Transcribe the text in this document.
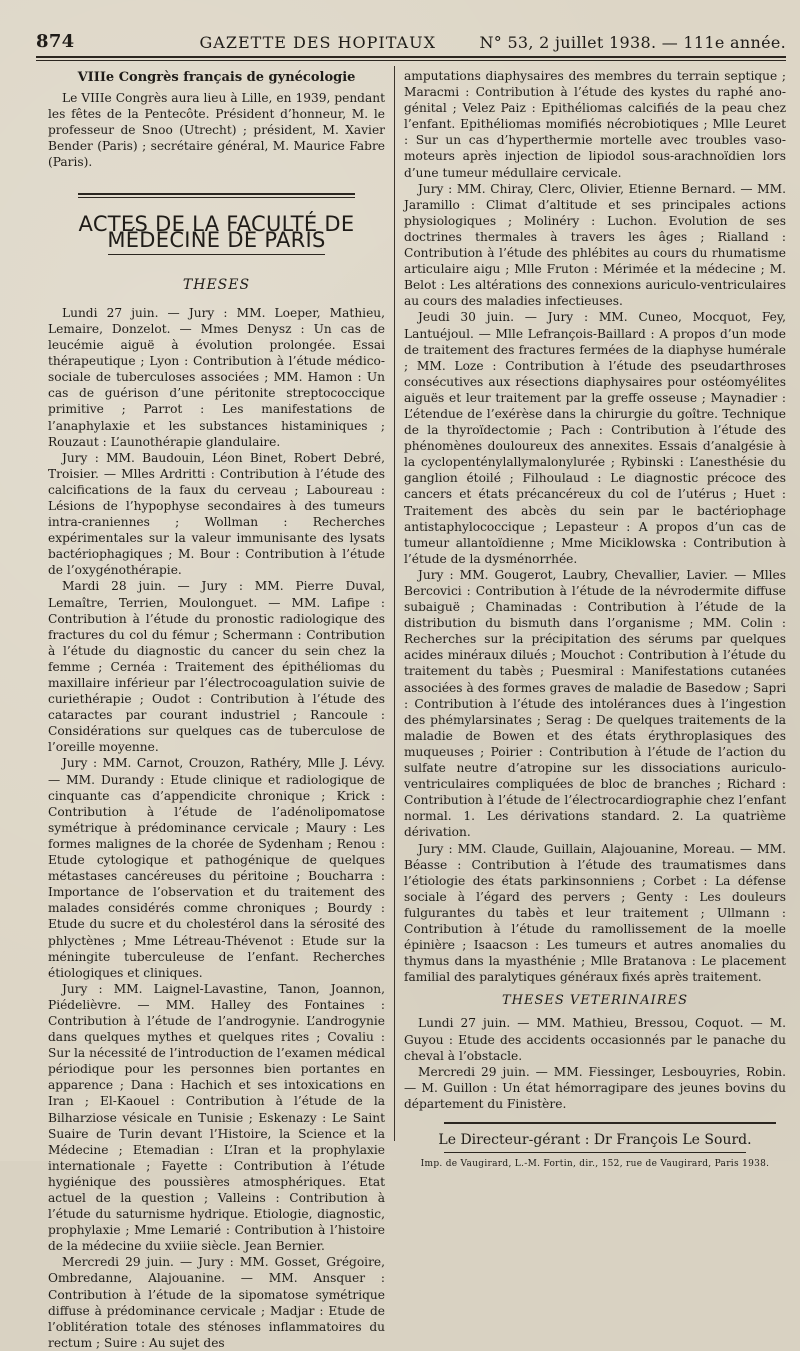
874	GAZETTE DES HOPITAUX	N° 53, 2 juillet 1938. — 111e année.
VIIIe Congrès français de gynécologie

Le VIIIe Congrès aura lieu à Lille, en 1939, pendant les fêtes de la Pentecôte. Président d’honneur, M. le professeur de Snoo (Utrecht) ; président, M. Xavier Bender (Paris) ; secrétaire général, M. Maurice Fabre (Paris).

ACTES DE LA FACULTÉ DE MÉDECINE DE PARIS
THESES

Lundi 27 juin. — Jury : MM. Loeper, Mathieu, Lemaire, Donzelot. — Mmes Denysz : Un cas de leucémie aiguë à évolution prolongée. Essai thérapeutique ; Lyon : Contribution à l’étude médico-sociale de tuberculoses associées ; MM. Hamon : Un cas de guérison d’une péritonite streptococcique primitive ; Parrot : Les manifestations de l’anaphylaxie et les substances histaminiques ; Rouzaut : L’aunothérapie glandulaire.

Jury : MM. Baudouin, Léon Binet, Robert Debré, Troisier. — Mlles Ardritti : Contribution à l’étude des calcifications de la faux du cerveau ; Laboureau : Lésions de l’hypophyse secondaires à des tumeurs intra-craniennes ; Wollman : Recherches expérimentales sur la valeur immunisante des lysats bactériophagiques ; M. Bour : Contribution à l’étude de l’oxygénothérapie.

Mardi 28 juin. — Jury : MM. Pierre Duval, Lemaître, Terrien, Moulonguet. — MM. Lafipe : Contribution à l’étude du pronostic radiologique des fractures du col du fémur ; Schermann : Contribution à l’étude du diagnostic du cancer du sein chez la femme ; Cernéa : Traitement des épithéliomas du maxillaire inférieur par l’électrocoagulation suivie de curiethérapie ; Oudot : Contribution à l’étude des cataractes par courant industriel ; Rancoule : Considérations sur quelques cas de tuberculose de l’oreille moyenne.

Jury : MM. Carnot, Crouzon, Rathéry, Mlle J. Lévy. — MM. Durandy : Etude clinique et radiologique de cinquante cas d’appendicite chronique ; Krick : Contribution à l’étude de l’adénolipomatose symétrique à prédominance cervicale ; Maury : Les formes malignes de la chorée de Sydenham ; Renou : Etude cytologique et pathogénique de quelques métastases cancéreuses du péritoine ; Boucharra : Importance de l’observation et du traitement des malades considérés comme chroniques ; Bourdy : Etude du sucre et du cholestérol dans la sérosité des phlyctènes ; Mme Létreau-Thévenot : Etude sur la méningite tuberculeuse de l’enfant. Recherches étiologiques et cliniques.

Jury : MM. Laignel-Lavastine, Tanon, Joannon, Piédelièvre. — MM. Halley des Fontaines : Contribution à l’étude de l’androgynie. L’androgynie dans quelques mythes et quelques rites ; Covaliu : Sur la nécessité de l’introduction de l’examen médical périodique pour les personnes bien portantes en apparence ; Dana : Hachich et ses intoxications en Iran ; El-Kaouel : Contribution à l’étude de la Bilharziose vésicale en Tunisie ; Eskenazy : Le Saint Suaire de Turin devant l’Histoire, la Science et la Médecine ; Etemadian : L’Iran et la prophylaxie internationale ; Fayette : Contribution à l’étude hygiénique des poussières atmosphériques. Etat actuel de la question ; Valleins : Contribution à l’étude du saturnisme hydrique. Etiologie, diagnostic, prophylaxie ; Mme Lemarié : Contribution à l’histoire de la médecine du xviiie siècle. Jean Bernier.

Mercredi 29 juin. — Jury : MM. Gosset, Grégoire, Ombredanne, Alajouanine. — MM. Ansquer : Contribution à l’étude de la sipomatose symétrique diffuse à prédominance cervicale ; Madjar : Etude de l’oblitération totale des sténoses inflammatoires du rectum ; Suire : Au sujet des

amputations diaphysaires des membres du terrain septique ; Maracmi : Contribution à l’étude des kystes du raphé ano-génital ; Velez Paiz : Epithéliomas calcifiés de la peau chez l’enfant. Epithéliomas momifiés nécrobiotiques ; Mlle Leuret : Sur un cas d’hyperthermie mortelle avec troubles vaso-moteurs après injection de lipiodol sous-arachnoïdien lors d’une tumeur médullaire cervicale.

Jury : MM. Chiray, Clerc, Olivier, Etienne Bernard. — MM. Jaramillo : Climat d’altitude et ses principales actions physiologiques ; Molinéry : Luchon. Evolution de ses doctrines thermales à travers les âges ; Rialland : Contribution à l’étude des phlébites au cours du rhumatisme articulaire aigu ; Mlle Fruton : Mérimée et la médecine ; M. Belot : Les altérations des connexions auriculo-ventriculaires au cours des maladies infectieuses.

Jeudi 30 juin. — Jury : MM. Cuneo, Mocquot, Fey, Lantuéjoul. — Mlle Lefrançois-Baillard : A propos d’un mode de traitement des fractures fermées de la diaphyse humérale ; MM. Loze : Contribution à l’étude des pseudarthroses consécutives aux résections diaphysaires pour ostéomyélites aiguës et leur traitement par la greffe osseuse ; Maynadier : L’étendue de l’exérèse dans la chirurgie du goître. Technique de la thyroïdectomie ; Pach : Contribution à l’étude des phénomènes douloureux des annexites. Essais d’analgésie à la cyclopenténylallymalonylurée ; Rybinski : L’anesthésie du ganglion étoilé ; Filhoulaud : Le diagnostic précoce des cancers et états précancéreux du col de l’utérus ; Huet : Traitement des abcès du sein par le bactériophage antistaphylococcique ; Lepasteur : A propos d’un cas de tumeur allantoïdienne ; Mme Miciklowska : Contribution à l’étude de la dysménorrhée.

Jury : MM. Gougerot, Laubry, Chevallier, Lavier. — Mlles Bercovici : Contribution à l’étude de la névrodermite diffuse subaiguë ; Chaminadas : Contribution à l’étude de la distribution du bismuth dans l’organisme ; MM. Colin : Recherches sur la précipitation des sérums par quelques acides minéraux dilués ; Mouchot : Contribution à l’étude du traitement du tabès ; Puesmiral : Manifestations cutanées associées à des formes graves de maladie de Basedow ; Sapri : Contribution à l’étude des intolérances dues à l’ingestion des phémylarsinates ; Serag : De quelques traitements de la maladie de Bowen et des états érythroplasiques des muqueuses ; Poirier : Contribution à l’étude de l’action du sulfate neutre d’atropine sur les dissociations auriculo-ventriculaires compliquées de bloc de branches ; Richard : Contribution à l’étude de l’électrocardiographie chez l’enfant normal. 1. Les dérivations standard. 2. La quatrième dérivation.

Jury : MM. Claude, Guillain, Alajouanine, Moreau. — MM. Béasse : Contribution à l’étude des traumatismes dans l’étiologie des états parkinsonniens ; Corbet : La défense sociale à l’égard des pervers ; Genty : Les douleurs fulgurantes du tabès et leur traitement ; Ullmann : Contribution à l’étude du ramollissement de la moelle épinière ; Isaacson : Les tumeurs et autres anomalies du thymus dans la myasthénie ; Mlle Bratanova : Le placement familial des paralytiques généraux fixés après traitement.

THESES VETERINAIRES

Lundi 27 juin. — MM. Mathieu, Bressou, Coquot. — M. Guyou : Etude des accidents occasionnés par le panache du cheval à l’obstacle.

Mercredi 29 juin. — MM. Fiessinger, Lesbouyries, Robin. — M. Guillon : Un état hémorragipare des jeunes bovins du département du Finistère.

Le Directeur-gérant : Dr François Le Sourd.
Imp. de Vaugirard, L.-M. Fortin, dir., 152, rue de Vaugirard, Paris 1938.
